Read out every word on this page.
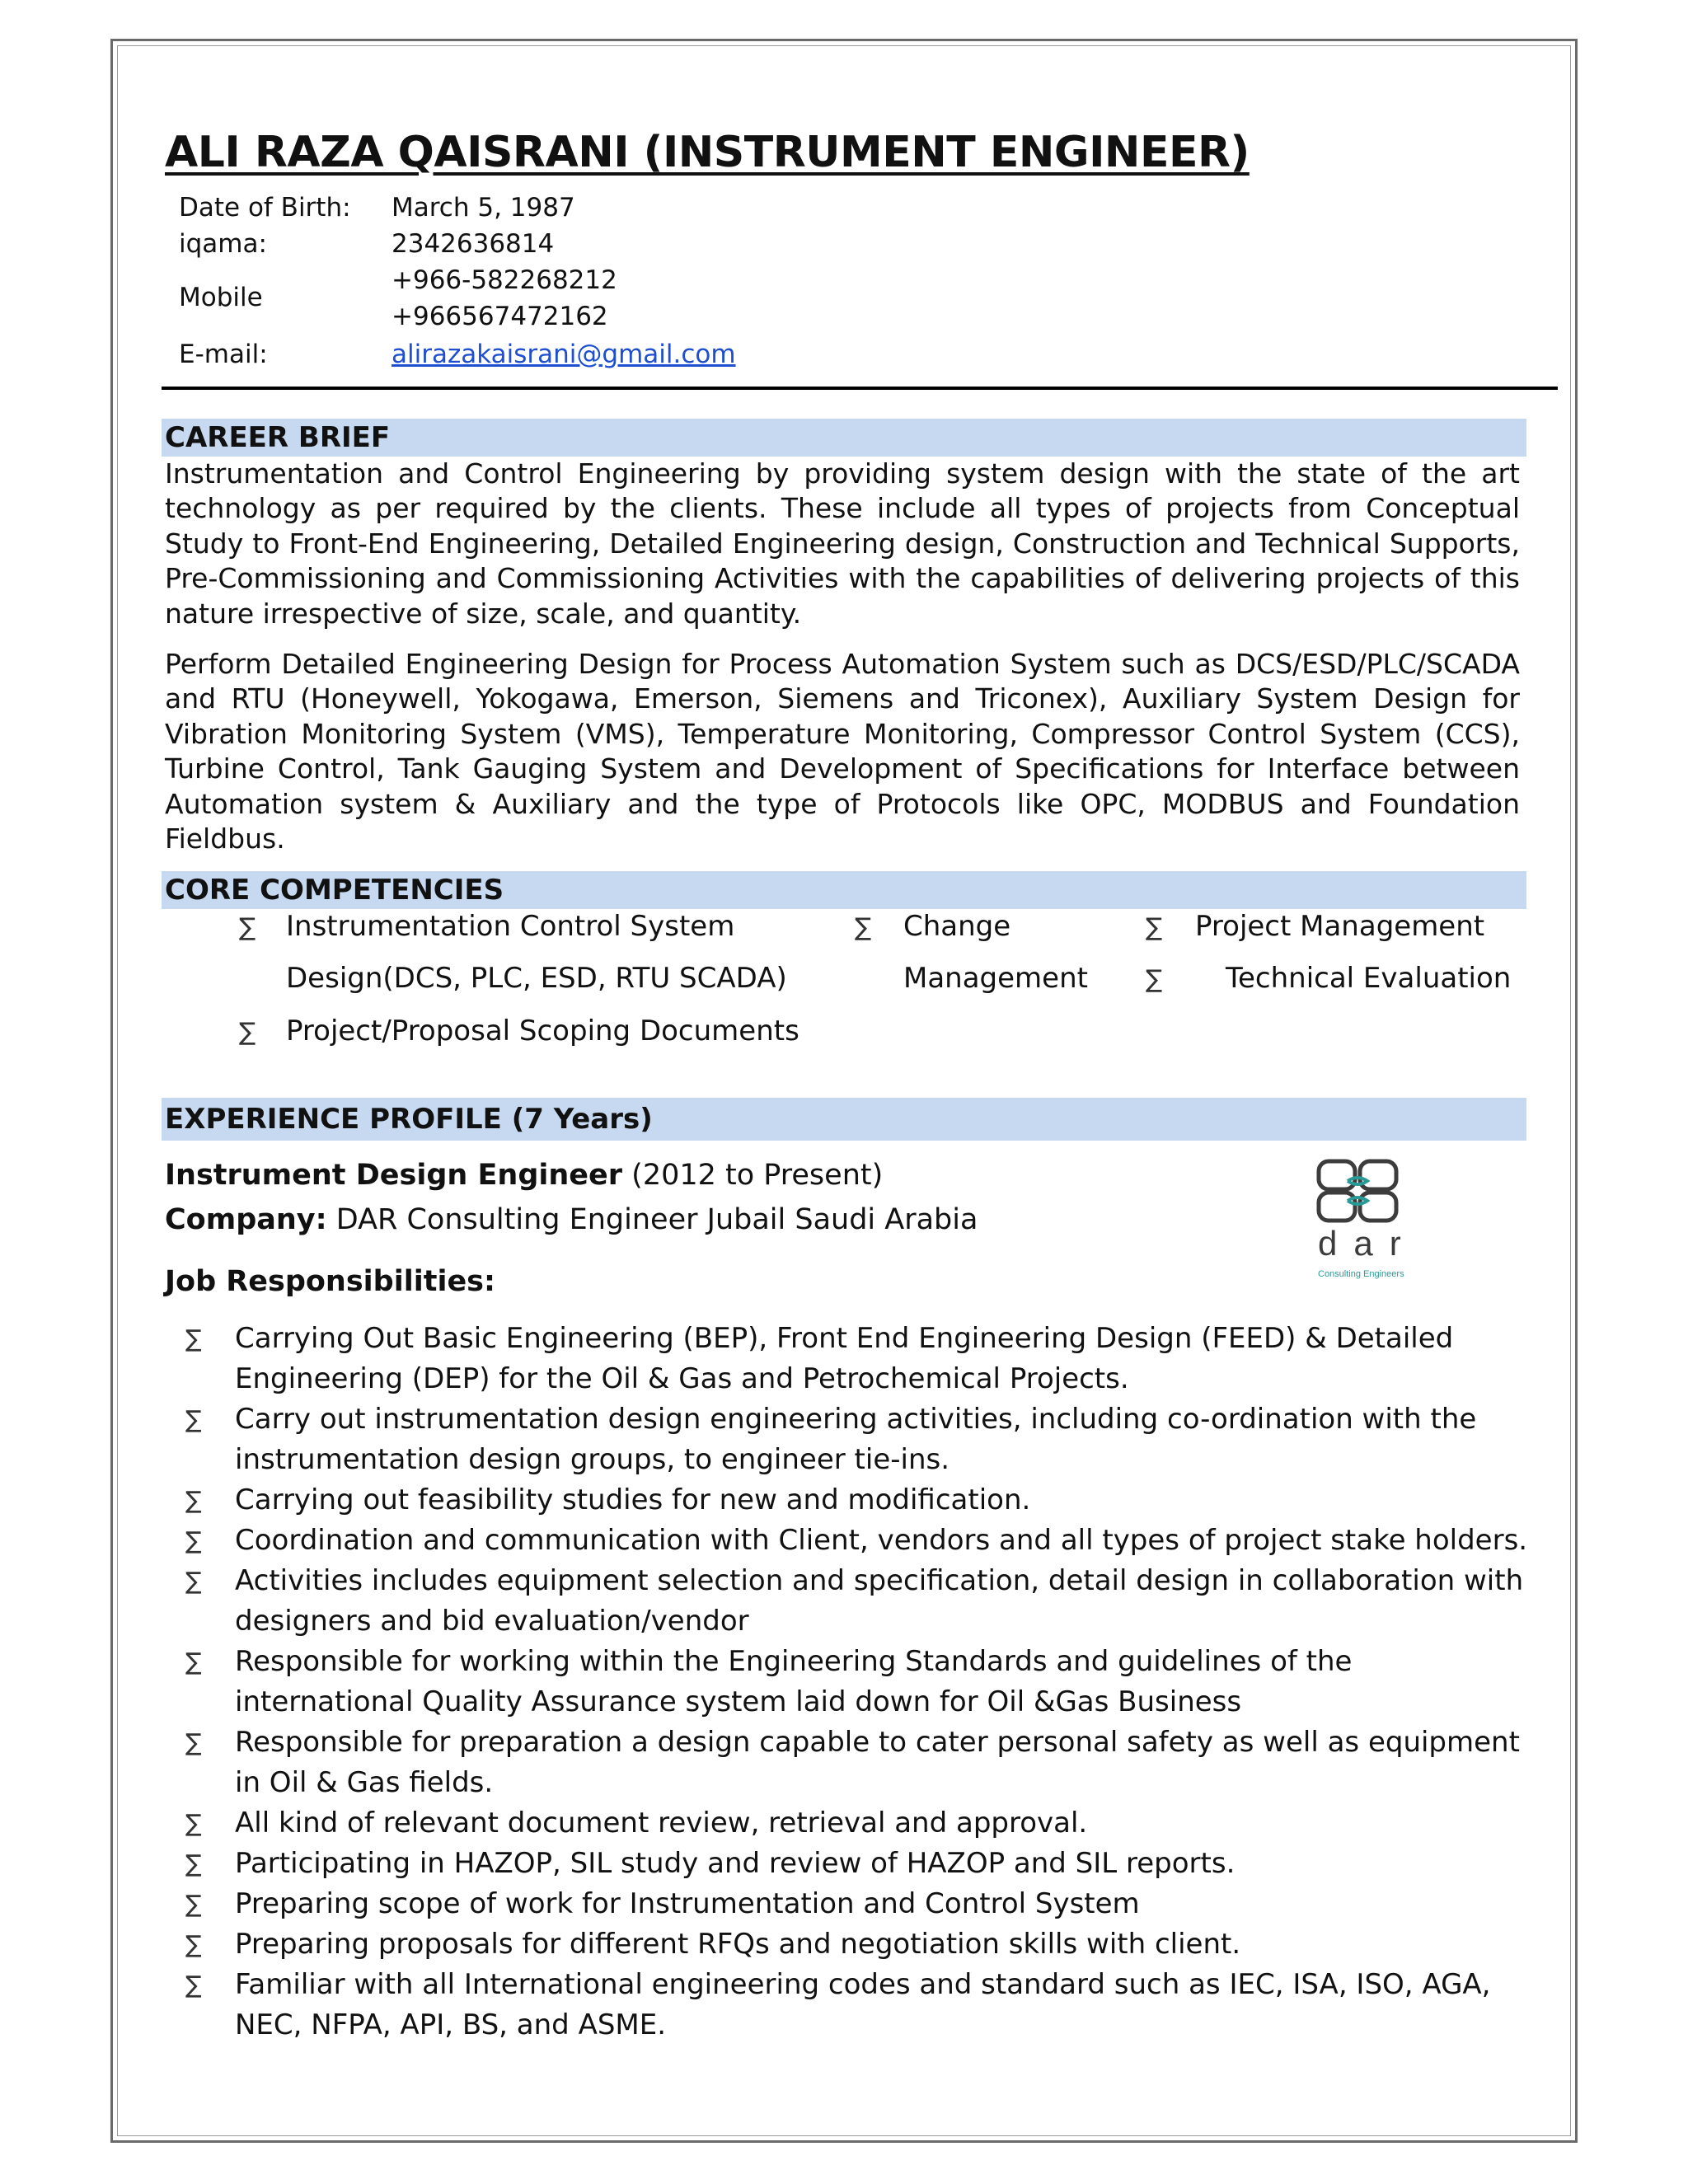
ALI RAZA QAISRANI (INSTRUMENT ENGINEER)
Date of Birth: March 5, 1987
iqama:	2342636814
Mobile
+966-582268212
+966567472162
E-mail:	alirazakaisrani@gmail.com
CAREER BRIEF

Instrumentation and Control Engineering by providing system design with the state of the art technology as per required by the clients. These include all types of projects from Conceptual Study to Front-End Engineering, Detailed Engineering design, Construction and Technical Supports, Pre-Commissioning and Commissioning Activities with the capabilities of delivering projects of this nature irrespective of size, scale, and quantity.

Perform Detailed Engineering Design for Process Automation System such as DCS/ESD/PLC/SCADA and RTU (Honeywell, Yokogawa, Emerson, Siemens and Triconex), Auxiliary System Design for Vibration Monitoring System (VMS), Temperature Monitoring, Compressor Control System (CCS), Turbine Control, Tank Gauging System and Development of Specifications for Interface between Automation system & Auxiliary and the type of Protocols like OPC, MODBUS and Foundation Fieldbus.

CORE COMPETENCIES
∑ Instrumentation Control System
Design(DCS, PLC, ESD, RTU SCADA)
∑ Change
Management
∑ Project Management
∑ Technical Evaluation
∑ Project/Proposal Scoping Documents
EXPERIENCE PROFILE (7 Years)
Instrument Design Engineer (2012 to Present)
Company: DAR Consulting Engineer Jubail Saudi Arabia
Job Responsibilities:
dar
Consulting Engineers
∑ Carrying Out Basic Engineering (BEP), Front End Engineering Design (FEED) & Detailed Engineering (DEP) for the Oil & Gas and Petrochemical Projects.
∑ Carry out instrumentation design engineering activities, including co-ordination with the instrumentation design groups, to engineer tie-ins.
∑ Carrying out feasibility studies for new and modification.
∑ Coordination and communication with Client, vendors and all types of project stake holders.
∑ Activities includes equipment selection and specification, detail design in collaboration with designers and bid evaluation/vendor
∑ Responsible for working within the Engineering Standards and guidelines of the international Quality Assurance system laid down for Oil &Gas Business
∑ Responsible for preparation a design capable to cater personal safety as well as equipment in Oil & Gas fields.
∑ All kind of relevant document review, retrieval and approval.
∑ Participating in HAZOP, SIL study and review of HAZOP and SIL reports.
∑ Preparing scope of work for Instrumentation and Control System
∑ Preparing proposals for different RFQs and negotiation skills with client.
∑ Familiar with all International engineering codes and standard such as IEC, ISA, ISO, AGA, NEC, NFPA, API, BS, and ASME.
